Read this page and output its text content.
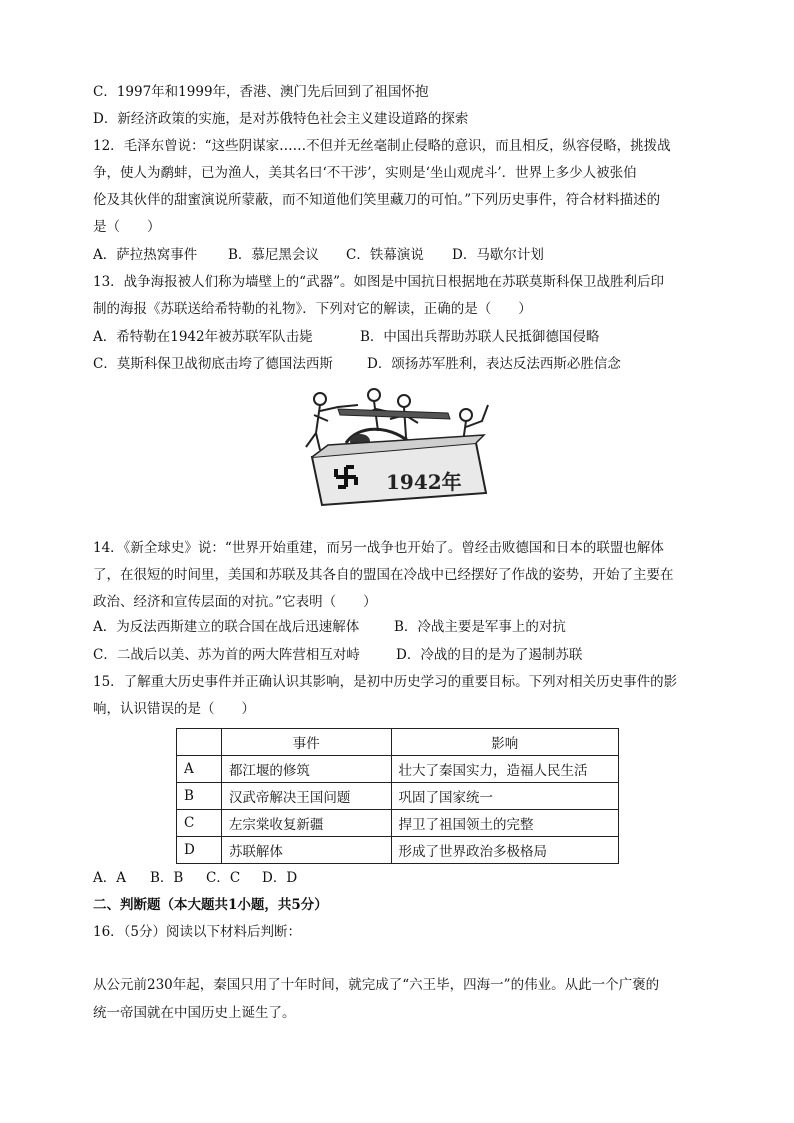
C．1997年和1999年，香港、澳门先后回到了祖国怀抱
D．新经济政策的实施，是对苏俄特色社会主义建设道路的探索
12．毛泽东曾说：“这些阴谋家……不但并无丝毫制止侵略的意识，而且相反，纵容侵略，挑拨战
争，使人为鹬蚌，已为渔人，美其名曰‘不干涉’，实则是‘坐山观虎斗’．世界上多少人被张伯
伦及其伙伴的甜蜜演说所蒙蔽，而不知道他们笑里藏刀的可怕。”下列历史事件，符合材料描述的
是（　　）
A．萨拉热窝事件 B．慕尼黑会议 C．铁幕演说 D．马歇尔计划
13．战争海报被人们称为墙壁上的“武器”。如图是中国抗日根据地在苏联莫斯科保卫战胜利后印
制的海报《苏联送给希特勒的礼物》．下列对它的解读，正确的是（　　）
A．希特勒在1942年被苏联军队击毙	B．中国出兵帮助苏联人民抵御德国侵略
C．莫斯科保卫战彻底击垮了德国法西斯	D．颂扬苏军胜利，表达反法西斯必胜信念
1942年
14．《新全球史》说：“世界开始重建，而另一战争也开始了。曾经击败德国和日本的联盟也解体
了，在很短的时间里，美国和苏联及其各自的盟国在冷战中已经摆好了作战的姿势，开始了主要在
政治、经济和宣传层面的对抗。”它表明（　　）
A．为反法西斯建立的联合国在战后迅速解体	B．冷战主要是军事上的对抗
C．二战后以美、苏为首的两大阵营相互对峙	D．冷战的目的是为了遏制苏联
15．了解重大历史事件并正确认识其影响，是初中历史学习的重要目标。下列对相关历史事件的影
响，认识错误的是（　　）
	事件	影响
A	都江堰的修筑	壮大了秦国实力，造福人民生活
B	汉武帝解决王国问题	巩固了国家统一
C	左宗棠收复新疆	捍卫了祖国领土的完整
D	苏联解体	形成了世界政治多极格局
A．A B．B C．C D．D
二、判断题（本大题共1小题，共5分）
16．（5分）阅读以下材料后判断：
从公元前230年起，秦国只用了十年时间，就完成了“六王毕，四海一”的伟业。从此一个广褒的
统一帝国就在中国历史上诞生了。
